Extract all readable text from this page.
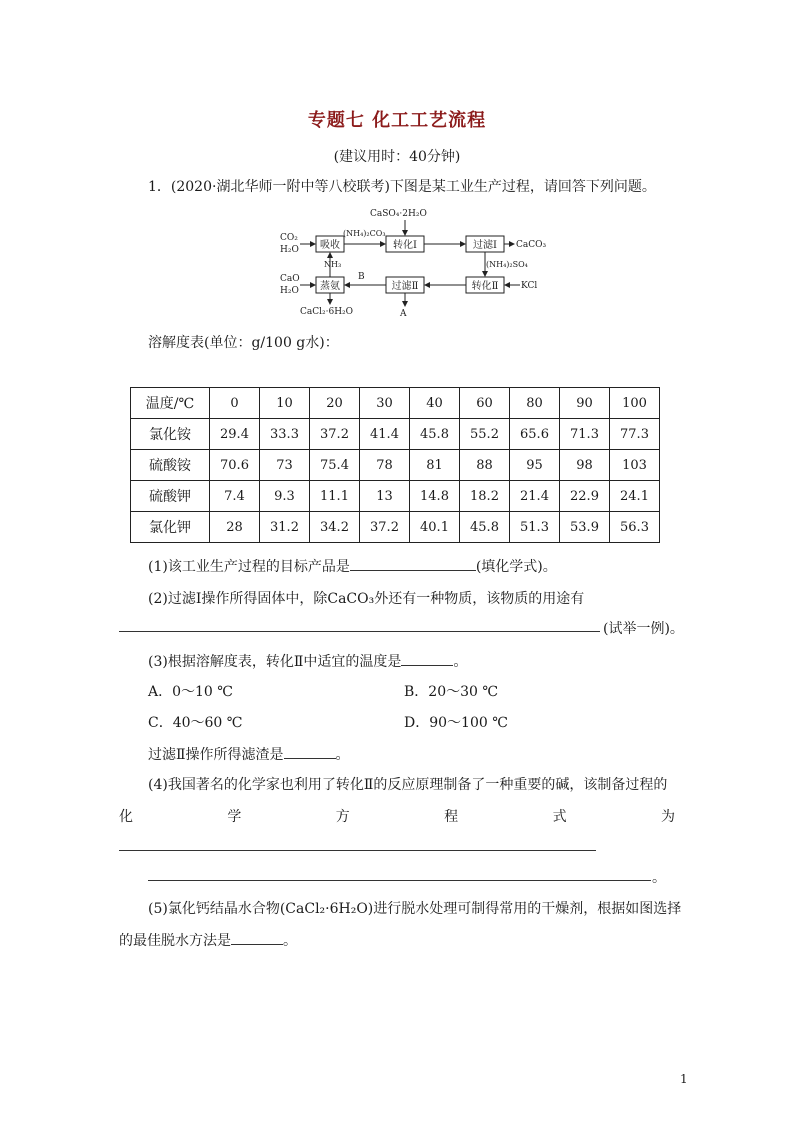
专题七 化工工艺流程
(建议用时：40分钟)
1．(2020·湖北华师一附中等八校联考)下图是某工业生产过程，请回答下列问题。
CaSO₄·2H₂O
CO₂
H₂O
(NH₄)₂CO₃
CaCO₃
NH₃	(NH₄)₂SO₄
CaO
H₂O
B
KCl
CaCl₂·6H₂O	A
吸收	转化Ⅰ	过滤Ⅰ
蒸氨	过滤Ⅱ	转化Ⅱ
溶解度表(单位：g/100 g水)：
温度/℃	0	10	20	30	40	60	80	90	100
氯化铵	29.4	33.3	37.2	41.4	45.8	55.2	65.6	71.3	77.3
硫酸铵	70.6	73	75.4	78	81	88	95	98	103
硫酸钾	7.4	9.3	11.1	13	14.8	18.2	21.4	22.9	24.1
氯化钾	28	31.2	34.2	37.2	40.1	45.8	51.3	53.9	56.3
(1)该工业生产过程的目标产品是	(填化学式)。
(2)过滤Ⅰ操作所得固体中，除CaCO₃外还有一种物质，该物质的用途有
(试举一例)。
(3)根据溶解度表，转化Ⅱ中适宜的温度是	。
A．0～10 ℃	B．20～30 ℃
C．40～60 ℃	D．90～100 ℃
过滤Ⅱ操作所得滤渣是	。
(4)我国著名的化学家也利用了转化Ⅱ的反应原理制备了一种重要的碱，该制备过程的
化	学	方	程	式	为
。
(5)氯化钙结晶水合物(CaCl₂·6H₂O)进行脱水处理可制得常用的干燥剂，根据如图选择
的最佳脱水方法是	。
1
